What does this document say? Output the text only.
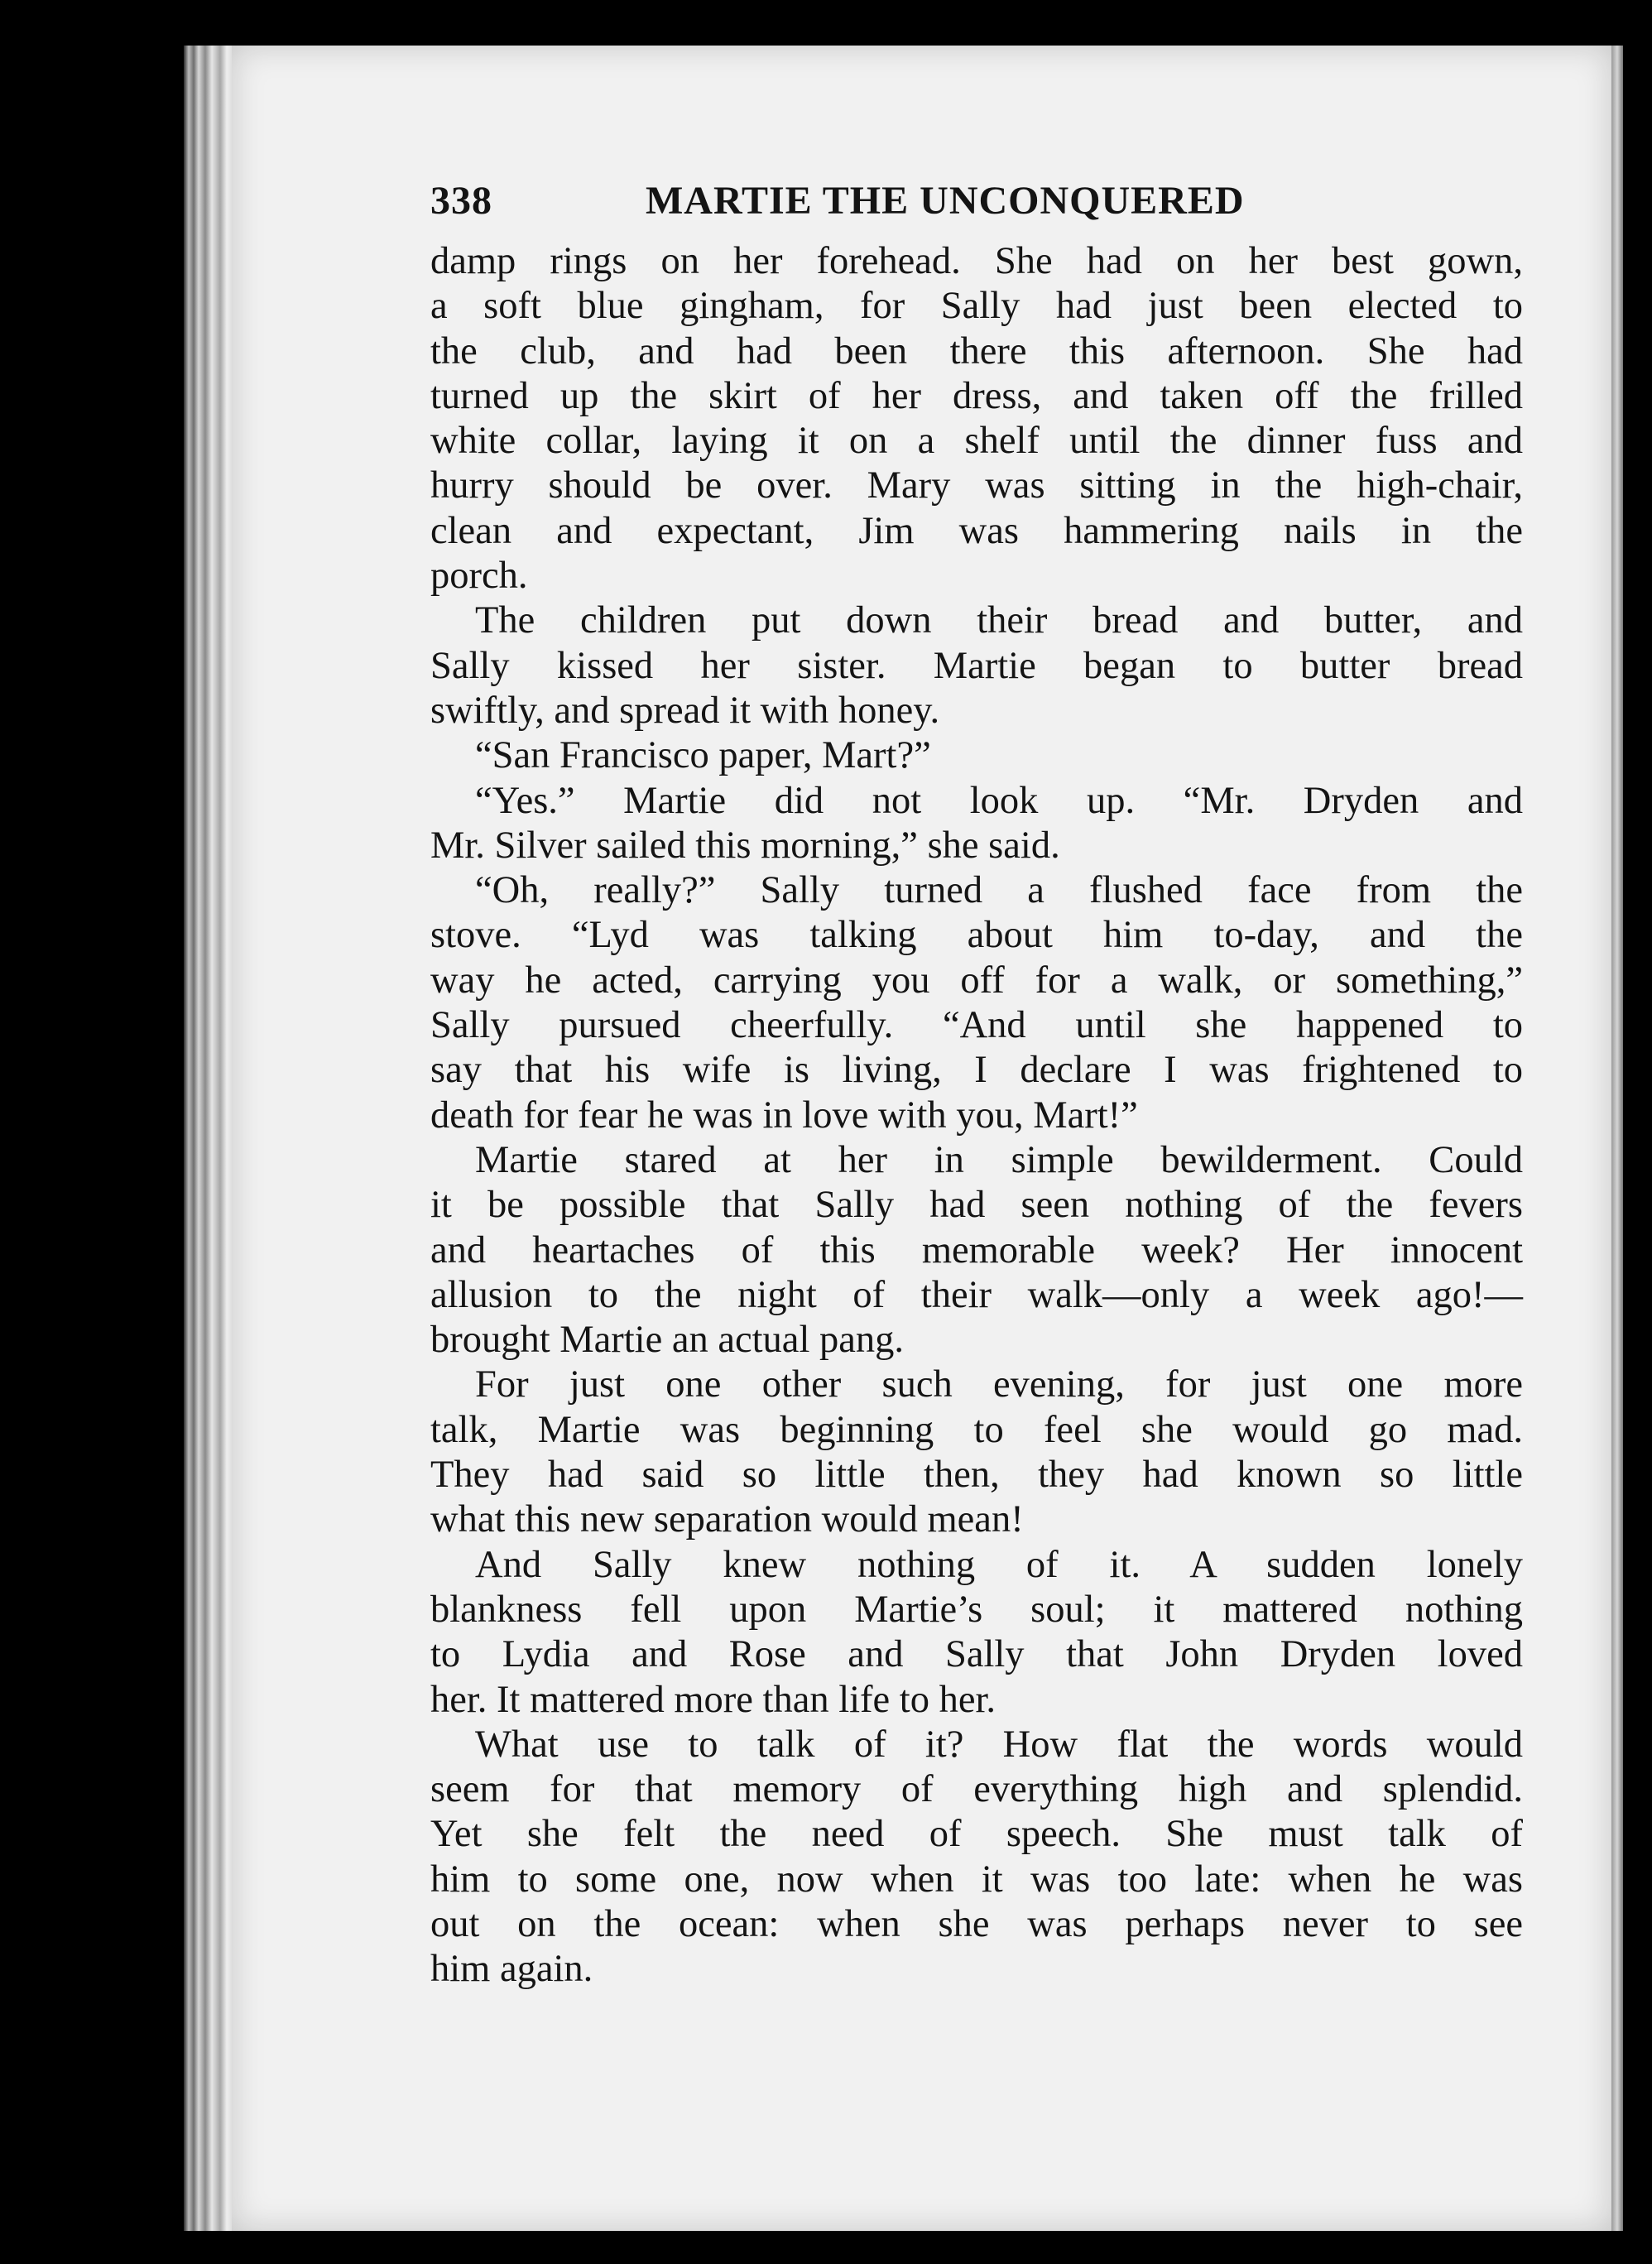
338	MARTIE THE UNCONQUERED
damp rings on her forehead. She had on her best gown,
a soft blue gingham, for Sally had just been elected to
the club, and had been there this afternoon. She had
turned up the skirt of her dress, and taken off the frilled
white collar, laying it on a shelf until the dinner fuss and
hurry should be over. Mary was sitting in the high-chair,
clean and expectant, Jim was hammering nails in the
porch.
The children put down their bread and butter, and
Sally kissed her sister. Martie began to butter bread
swiftly, and spread it with honey.
“San Francisco paper, Mart?”
“Yes.” Martie did not look up. “Mr. Dryden and
Mr. Silver sailed this morning,” she said.
“Oh, really?” Sally turned a flushed face from the
stove. “Lyd was talking about him to-day, and the
way he acted, carrying you off for a walk, or something,”
Sally pursued cheerfully. “And until she happened to
say that his wife is living, I declare I was frightened to
death for fear he was in love with you, Mart!”
Martie stared at her in simple bewilderment. Could
it be possible that Sally had seen nothing of the fevers
and heartaches of this memorable week? Her innocent
allusion to the night of their walk—only a week ago!—
brought Martie an actual pang.
For just one other such evening, for just one more
talk, Martie was beginning to feel she would go mad.
They had said so little then, they had known so little
what this new separation would mean!
And Sally knew nothing of it. A sudden lonely
blankness fell upon Martie’s soul; it mattered nothing
to Lydia and Rose and Sally that John Dryden loved
her. It mattered more than life to her.
What use to talk of it? How flat the words would
seem for that memory of everything high and splendid.
Yet she felt the need of speech. She must talk of
him to some one, now when it was too late: when he was
out on the ocean: when she was perhaps never to see
him again.
